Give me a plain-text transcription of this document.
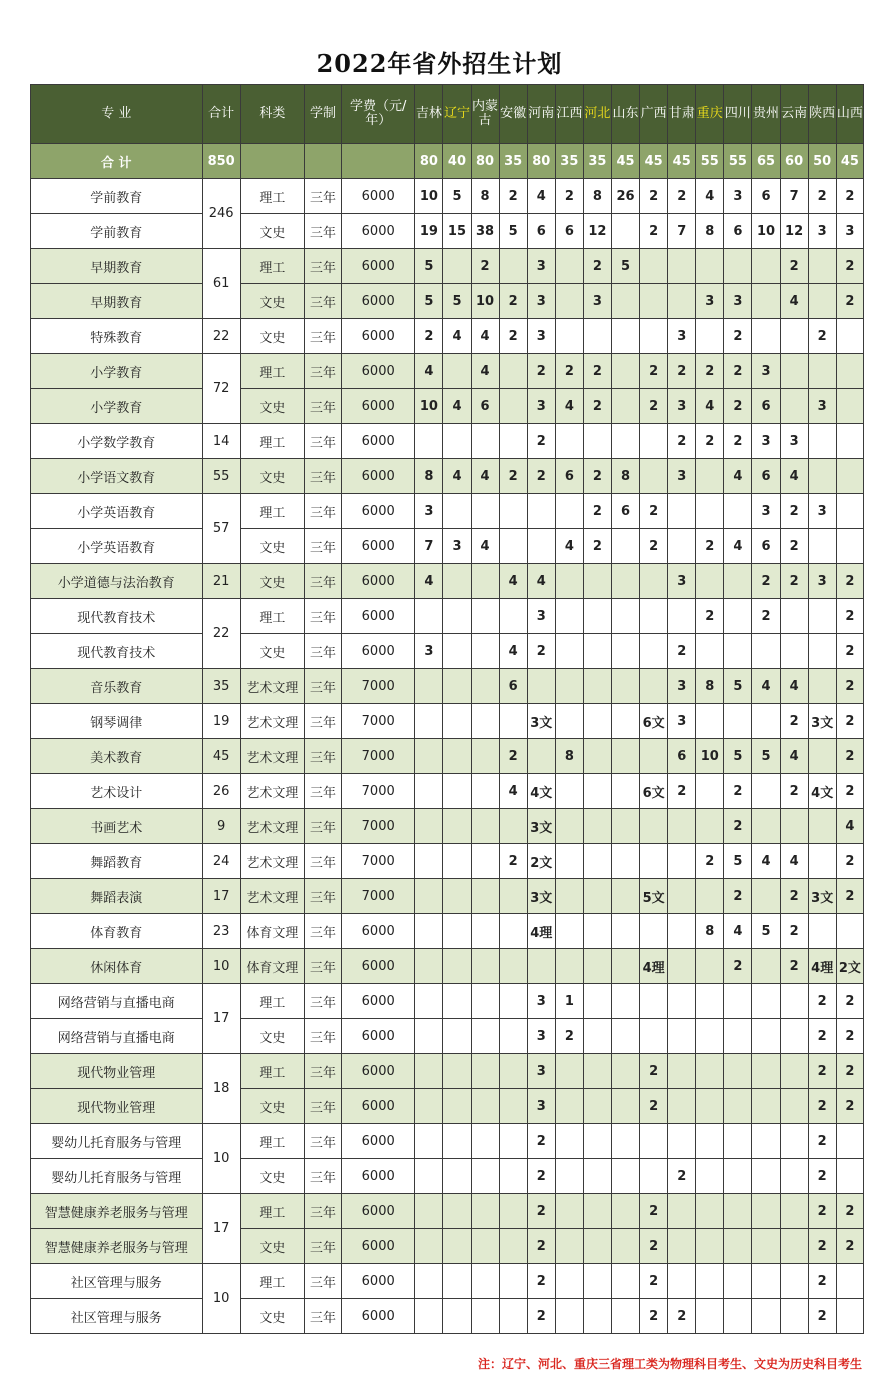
2022年省外招生计划
专 业	合计	科类	学制	学费（元/年）	吉林	辽宁	内蒙古	安徽	河南	江西	河北	山东	广西	甘肃	重庆	四川	贵州	云南	陕西	山西
合 计	850				80	40	80	35	80	35	35	45	45	45	55	55	65	60	50	45
学前教育	246	理工	三年	6000	10	5	8	2	4	2	8	26	2	2	4	3	6	7	2	2
学前教育		文史	三年	6000	19	15	38	5	6	6	12		2	7	8	6	10	12	3	3
早期教育	61	理工	三年	6000	5		2		3		2	5						2		2
早期教育		文史	三年	6000	5	5	10	2	3		3				3	3		4		2
特殊教育	22	文史	三年	6000	2	4	4	2	3					3		2			2	
小学教育	72	理工	三年	6000	4		4		2	2	2		2	2	2	2	3			
小学教育		文史	三年	6000	10	4	6		3	4	2		2	3	4	2	6		3	
小学数学教育	14	理工	三年	6000					2					2	2	2	3	3		
小学语文教育	55	文史	三年	6000	8	4	4	2	2	6	2	8		3		4	6	4		
小学英语教育	57	理工	三年	6000	3						2	6	2				3	2	3	
小学英语教育		文史	三年	6000	7	3	4			4	2		2		2	4	6	2		
小学道德与法治教育	21	文史	三年	6000	4			4	4					3			2	2	3	2
现代教育技术	22	理工	三年	6000					3						2		2			2
现代教育技术		文史	三年	6000	3			4	2					2						2
音乐教育	35	艺术文理	三年	7000				6						3	8	5	4	4		2
钢琴调律	19	艺术文理	三年	7000					3文				6文	3				2	3文	2
美术教育	45	艺术文理	三年	7000				2		8				6	10	5	5	4		2
艺术设计	26	艺术文理	三年	7000				4	4文				6文	2		2		2	4文	2
书画艺术	9	艺术文理	三年	7000					3文							2				4
舞蹈教育	24	艺术文理	三年	7000				2	2文						2	5	4	4		2
舞蹈表演	17	艺术文理	三年	7000					3文				5文			2		2	3文	2
体育教育	23	体育文理	三年	6000					4理						8	4	5	2		
休闲体育	10	体育文理	三年	6000									4理			2		2	4理	2文
网络营销与直播电商	17	理工	三年	6000					3	1									2	2
网络营销与直播电商		文史	三年	6000					3	2									2	2
现代物业管理	18	理工	三年	6000					3				2						2	2
现代物业管理		文史	三年	6000					3				2						2	2
婴幼儿托育服务与管理	10	理工	三年	6000					2										2	
婴幼儿托育服务与管理		文史	三年	6000					2					2					2	
智慧健康养老服务与管理	17	理工	三年	6000					2				2						2	2
智慧健康养老服务与管理		文史	三年	6000					2				2						2	2
社区管理与服务	10	理工	三年	6000					2				2						2	
社区管理与服务		文史	三年	6000					2				2	2					2	
注：辽宁、河北、重庆三省理工类为物理科目考生、文史为历史科目考生
